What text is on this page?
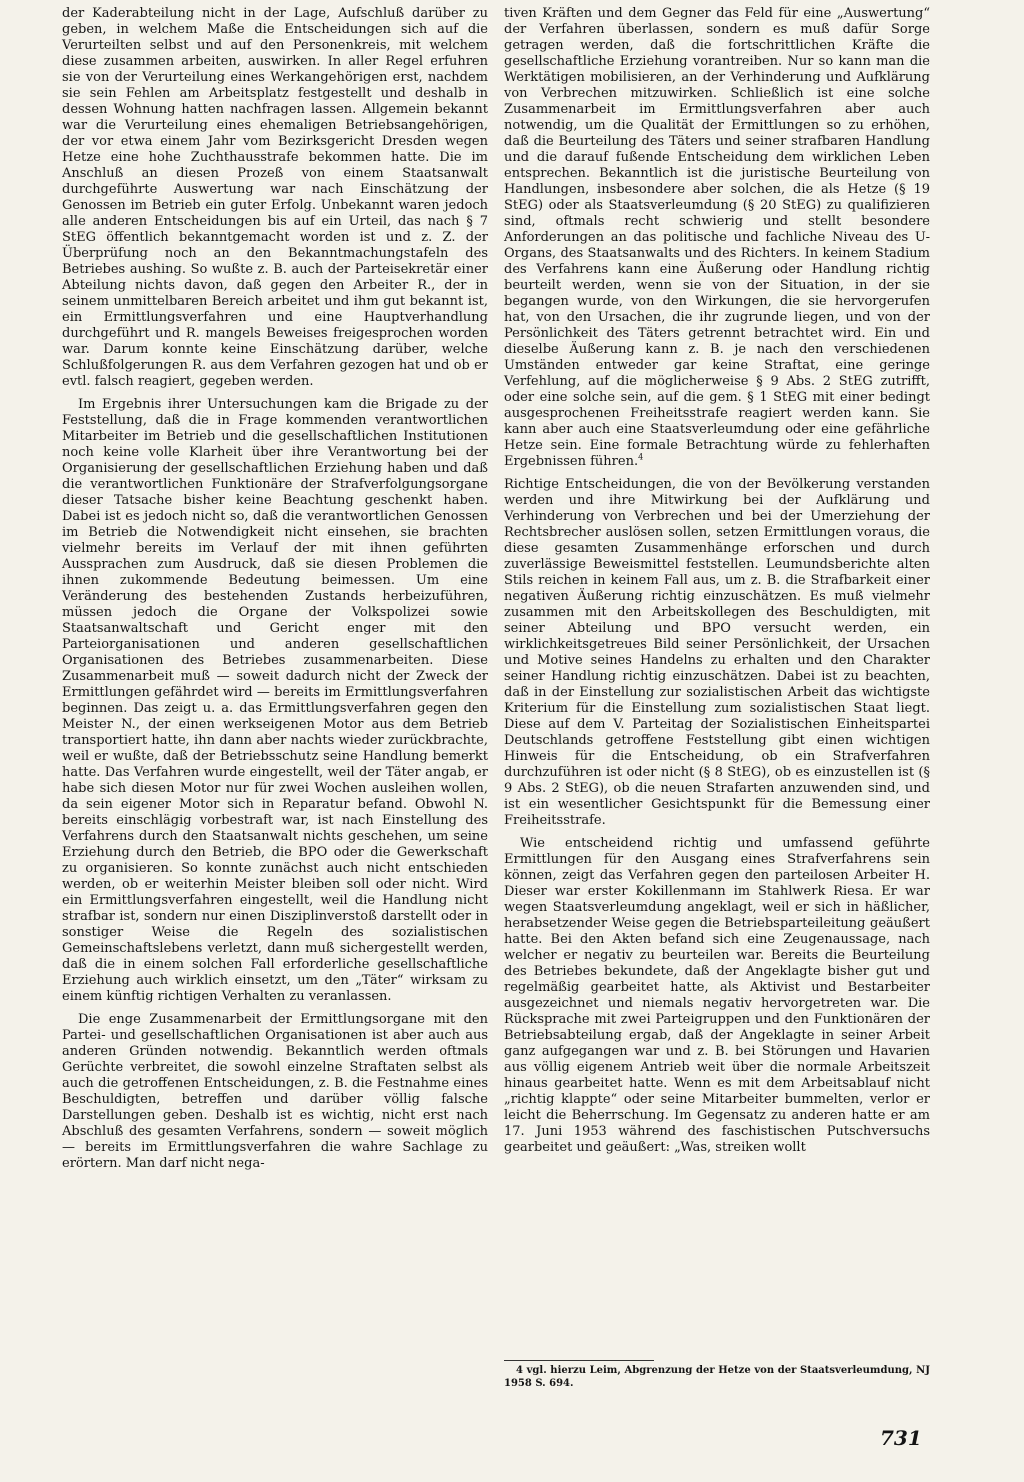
der Kaderabteilung nicht in der Lage, Aufschluß darüber zu geben, in welchem Maße die Entscheidungen sich auf die Verurteilten selbst und auf den Personenkreis, mit welchem diese zusammen arbeiten, auswirken. In aller Regel erfuhren sie von der Verurteilung eines Werkangehörigen erst, nachdem sie sein Fehlen am Arbeitsplatz festgestellt und deshalb in dessen Wohnung hatten nachfragen lassen. Allgemein bekannt war die Verurteilung eines ehemaligen Betriebsangehörigen, der vor etwa einem Jahr vom Bezirksgericht Dresden wegen Hetze eine hohe Zuchthausstrafe bekommen hatte. Die im Anschluß an diesen Prozeß von einem Staatsanwalt durchgeführte Auswertung war nach Einschätzung der Genossen im Betrieb ein guter Erfolg. Unbekannt waren jedoch alle anderen Entscheidungen bis auf ein Urteil, das nach § 7 StEG öffentlich bekanntgemacht worden ist und z. Z. der Überprüfung noch an den Bekanntmachungstafeln des Betriebes aushing. So wußte z. B. auch der Parteisekretär einer Abteilung nichts davon, daß gegen den Arbeiter R., der in seinem unmittelbaren Bereich arbeitet und ihm gut bekannt ist, ein Ermittlungsverfahren und eine Hauptverhandlung durchgeführt und R. mangels Beweises freigesprochen worden war. Darum konnte keine Einschätzung darüber, welche Schlußfolgerungen R. aus dem Verfahren gezogen hat und ob er evtl. falsch reagiert, gegeben werden.

Im Ergebnis ihrer Untersuchungen kam die Brigade zu der Feststellung, daß die in Frage kommenden verantwortlichen Mitarbeiter im Betrieb und die gesellschaftlichen Institutionen noch keine volle Klarheit über ihre Verantwortung bei der Organisierung der gesellschaftlichen Erziehung haben und daß die verantwortlichen Funktionäre der Strafverfolgungsorgane dieser Tatsache bisher keine Beachtung geschenkt haben. Dabei ist es jedoch nicht so, daß die verantwortlichen Genossen im Betrieb die Notwendigkeit nicht einsehen, sie brachten vielmehr bereits im Verlauf der mit ihnen geführten Aussprachen zum Ausdruck, daß sie diesen Problemen die ihnen zukommende Bedeutung beimessen. Um eine Veränderung des bestehenden Zustands herbeizuführen, müssen jedoch die Organe der Volkspolizei sowie Staatsanwaltschaft und Gericht enger mit den Parteiorganisationen und anderen gesellschaftlichen Organisationen des Betriebes zusammenarbeiten. Diese Zusammenarbeit muß — soweit dadurch nicht der Zweck der Ermittlungen gefährdet wird — bereits im Ermittlungsverfahren beginnen. Das zeigt u. a. das Ermittlungsverfahren gegen den Meister N., der einen werkseigenen Motor aus dem Betrieb transportiert hatte, ihn dann aber nachts wieder zurückbrachte, weil er wußte, daß der Betriebsschutz seine Handlung bemerkt hatte. Das Verfahren wurde eingestellt, weil der Täter angab, er habe sich diesen Motor nur für zwei Wochen ausleihen wollen, da sein eigener Motor sich in Reparatur befand. Obwohl N. bereits einschlägig vorbestraft war, ist nach Einstellung des Verfahrens durch den Staatsanwalt nichts geschehen, um seine Erziehung durch den Betrieb, die BPO oder die Gewerkschaft zu organisieren. So konnte zunächst auch nicht entschieden werden, ob er weiterhin Meister bleiben soll oder nicht. Wird ein Ermittlungsverfahren eingestellt, weil die Handlung nicht strafbar ist, sondern nur einen Disziplinverstoß darstellt oder in sonstiger Weise die Regeln des sozialistischen Gemeinschaftslebens verletzt, dann muß sichergestellt werden, daß die in einem solchen Fall erforderliche gesellschaftliche Erziehung auch wirklich einsetzt, um den „Täter“ wirksam zu einem künftig richtigen Verhalten zu veranlassen.

Die enge Zusammenarbeit der Ermittlungsorgane mit den Partei- und gesellschaftlichen Organisationen ist aber auch aus anderen Gründen notwendig. Bekanntlich werden oftmals Gerüchte verbreitet, die sowohl einzelne Straftaten selbst als auch die getroffenen Entscheidungen, z. B. die Festnahme eines Beschuldigten, betreffen und darüber völlig falsche Darstellungen geben. Deshalb ist es wichtig, nicht erst nach Abschluß des gesamten Verfahrens, sondern — soweit möglich — bereits im Ermittlungsverfahren die wahre Sachlage zu erörtern. Man darf nicht nega-

tiven Kräften und dem Gegner das Feld für eine „Auswertung“ der Verfahren überlassen, sondern es muß dafür Sorge getragen werden, daß die fortschrittlichen Kräfte die gesellschaftliche Erziehung vorantreiben. Nur so kann man die Werktätigen mobilisieren, an der Verhinderung und Aufklärung von Verbrechen mitzuwirken. Schließlich ist eine solche Zusammenarbeit im Ermittlungsverfahren aber auch notwendig, um die Qualität der Ermittlungen so zu erhöhen, daß die Beurteilung des Täters und seiner strafbaren Handlung und die darauf fußende Entscheidung dem wirklichen Leben entsprechen. Bekanntlich ist die juristische Beurteilung von Handlungen, insbesondere aber solchen, die als Hetze (§ 19 StEG) oder als Staatsverleumdung (§ 20 StEG) zu qualifizieren sind, oftmals recht schwierig und stellt besondere Anforderungen an das politische und fachliche Niveau des U-Organs, des Staatsanwalts und des Richters. In keinem Stadium des Verfahrens kann eine Äußerung oder Handlung richtig beurteilt werden, wenn sie von der Situation, in der sie begangen wurde, von den Wirkungen, die sie hervorgerufen hat, von den Ursachen, die ihr zugrunde liegen, und von der Persönlichkeit des Täters getrennt betrachtet wird. Ein und dieselbe Äußerung kann z. B. je nach den verschiedenen Umständen entweder gar keine Straftat, eine geringe Verfehlung, auf die möglicherweise § 9 Abs. 2 StEG zutrifft, oder eine solche sein, auf die gem. § 1 StEG mit einer bedingt ausgesprochenen Freiheitsstrafe reagiert werden kann. Sie kann aber auch eine Staatsverleumdung oder eine gefährliche Hetze sein. Eine formale Betrachtung würde zu fehlerhaften Ergebnissen führen.$^4$

Richtige Entscheidungen, die von der Bevölkerung verstanden werden und ihre Mitwirkung bei der Aufklärung und Verhinderung von Verbrechen und bei der Umerziehung der Rechtsbrecher auslösen sollen, setzen Ermittlungen voraus, die diese gesamten Zusammenhänge erforschen und durch zuverlässige Beweismittel feststellen. Leumundsberichte alten Stils reichen in keinem Fall aus, um z. B. die Strafbarkeit einer negativen Äußerung richtig einzuschätzen. Es muß vielmehr zusammen mit den Arbeitskollegen des Beschuldigten, mit seiner Abteilung und BPO versucht werden, ein wirklichkeitsgetreues Bild seiner Persönlichkeit, der Ursachen und Motive seines Handelns zu erhalten und den Charakter seiner Handlung richtig einzuschätzen. Dabei ist zu beachten, daß in der Einstellung zur sozialistischen Arbeit das wichtigste Kriterium für die Einstellung zum sozialistischen Staat liegt. Diese auf dem V. Parteitag der Sozialistischen Einheitspartei Deutschlands getroffene Feststellung gibt einen wichtigen Hinweis für die Entscheidung, ob ein Strafverfahren durchzuführen ist oder nicht (§ 8 StEG), ob es einzustellen ist (§ 9 Abs. 2 StEG), ob die neuen Strafarten anzuwenden sind, und ist ein wesentlicher Gesichtspunkt für die Bemessung einer Freiheitsstrafe.

Wie entscheidend richtig und umfassend geführte Ermittlungen für den Ausgang eines Strafverfahrens sein können, zeigt das Verfahren gegen den parteilosen Arbeiter H. Dieser war erster Kokillenmann im Stahlwerk Riesa. Er war wegen Staatsverleumdung angeklagt, weil er sich in häßlicher, herabsetzender Weise gegen die Betriebsparteileitung geäußert hatte. Bei den Akten befand sich eine Zeugenaussage, nach welcher er negativ zu beurteilen war. Bereits die Beurteilung des Betriebes bekundete, daß der Angeklagte bisher gut und regelmäßig gearbeitet hatte, als Aktivist und Bestarbeiter ausgezeichnet und niemals negativ hervorgetreten war. Die Rücksprache mit zwei Parteigruppen und den Funktionären der Betriebsabteilung ergab, daß der Angeklagte in seiner Arbeit ganz aufgegangen war und z. B. bei Störungen und Havarien aus völlig eigenem Antrieb weit über die normale Arbeitszeit hinaus gearbeitet hatte. Wenn es mit dem Arbeitsablauf nicht „richtig klappte“ oder seine Mitarbeiter bummelten, verlor er leicht die Beherrschung. Im Gegensatz zu anderen hatte er am 17. Juni 1953 während des faschistischen Putschversuchs gearbeitet und geäußert: „Was, streiken wollt

4 vgl. hierzu Leim, Abgrenzung der Hetze von der Staatsverleumdung, NJ 1958 S. 694.
731
